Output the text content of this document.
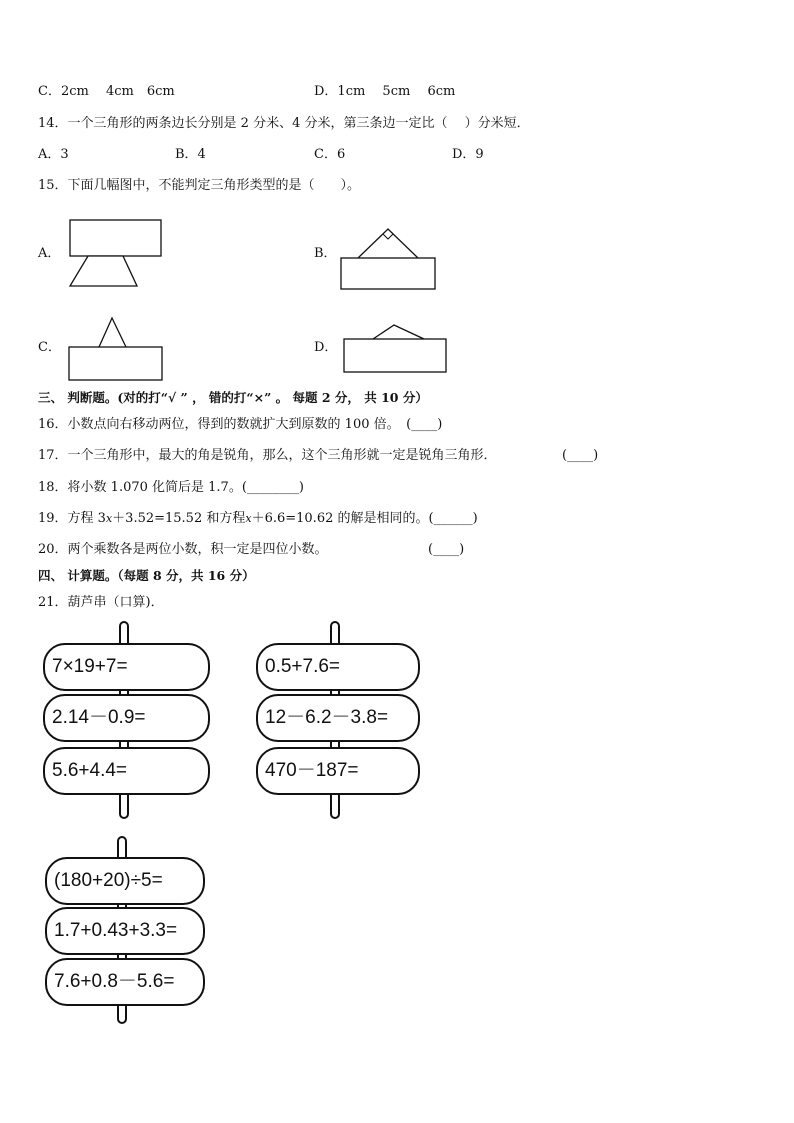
C．2cm　 4cm　6cm	D．1cm　 5cm　 6cm
14．一个三角形的两条边长分别是 2 分米、4 分米，第三条边一定比（　 ）分米短．
A．3	B．4	C．6	D．9
15．下面几幅图中，不能判定三角形类型的是（　　）。
A．	B．
C．	D．
三、 判断题。(对的打“√ ” ， 错的打“×” 。 每题 2 分， 共 10 分）
16．小数点向右移动两位，得到的数就扩大到原数的 100 倍。　(____)
17．一个三角形中，最大的角是锐角，那么，这个三角形就一定是锐角三角形．	(____)
18．将小数 1.070 化简后是 1.7。(________)
19．方程 3x＋3.52=15.52 和方程x＋6.6=10.62 的解是相同的。(______)
20．两个乘数各是两位小数，积一定是四位小数。	(____)
四、 计算题。（每题 8 分，共 16 分）
21．葫芦串（口算)．
7×19+7=
2.14－0.9=
5.6+4.4=
0.5+7.6=
12－6.2－3.8=
470－187=
(180+20)÷5=
1.7+0.43+3.3=
7.6+0.8－5.6=
